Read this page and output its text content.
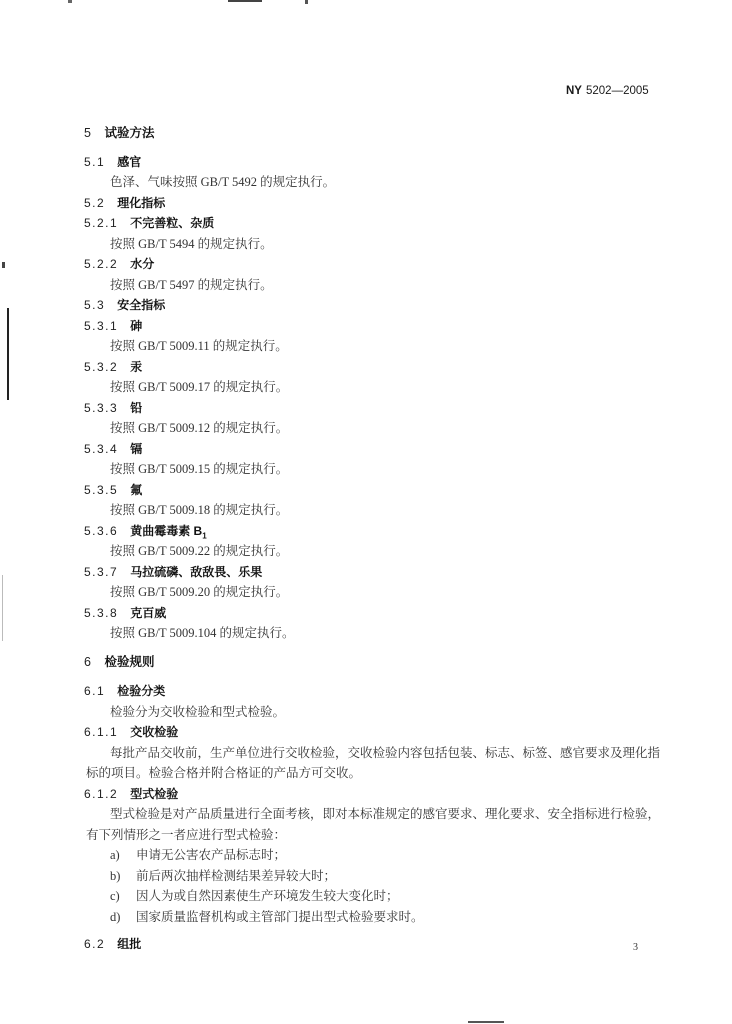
NY 5202—2005
5 试验方法
5.1 感官
色泽、气味按照 GB/T 5492 的规定执行。
5.2 理化指标
5.2.1 不完善粒、杂质
按照 GB/T 5494 的规定执行。
5.2.2 水分
按照 GB/T 5497 的规定执行。
5.3 安全指标
5.3.1 砷
按照 GB/T 5009.11 的规定执行。
5.3.2 汞
按照 GB/T 5009.17 的规定执行。
5.3.3 铅
按照 GB/T 5009.12 的规定执行。
5.3.4 镉
按照 GB/T 5009.15 的规定执行。
5.3.5 氟
按照 GB/T 5009.18 的规定执行。
5.3.6 黄曲霉毒素 $B_1$
按照 GB/T 5009.22 的规定执行。
5.3.7 马拉硫磷、敌敌畏、乐果
按照 GB/T 5009.20 的规定执行。
5.3.8 克百威
按照 GB/T 5009.104 的规定执行。
6 检验规则
6.1 检验分类
检验分为交收检验和型式检验。
6.1.1 交收检验
每批产品交收前，生产单位进行交收检验，交收检验内容包括包装、标志、标签、感官要求及理化指
标的项目。检验合格并附合格证的产品方可交收。
6.1.2 型式检验
型式检验是对产品质量进行全面考核，即对本标准规定的感官要求、理化要求、安全指标进行检验，
有下列情形之一者应进行型式检验：
a) 申请无公害农产品标志时；
b) 前后两次抽样检测结果差异较大时；
c) 因人为或自然因素使生产环境发生较大变化时；
d) 国家质量监督机构或主管部门提出型式检验要求时。
6.2 组批	3
